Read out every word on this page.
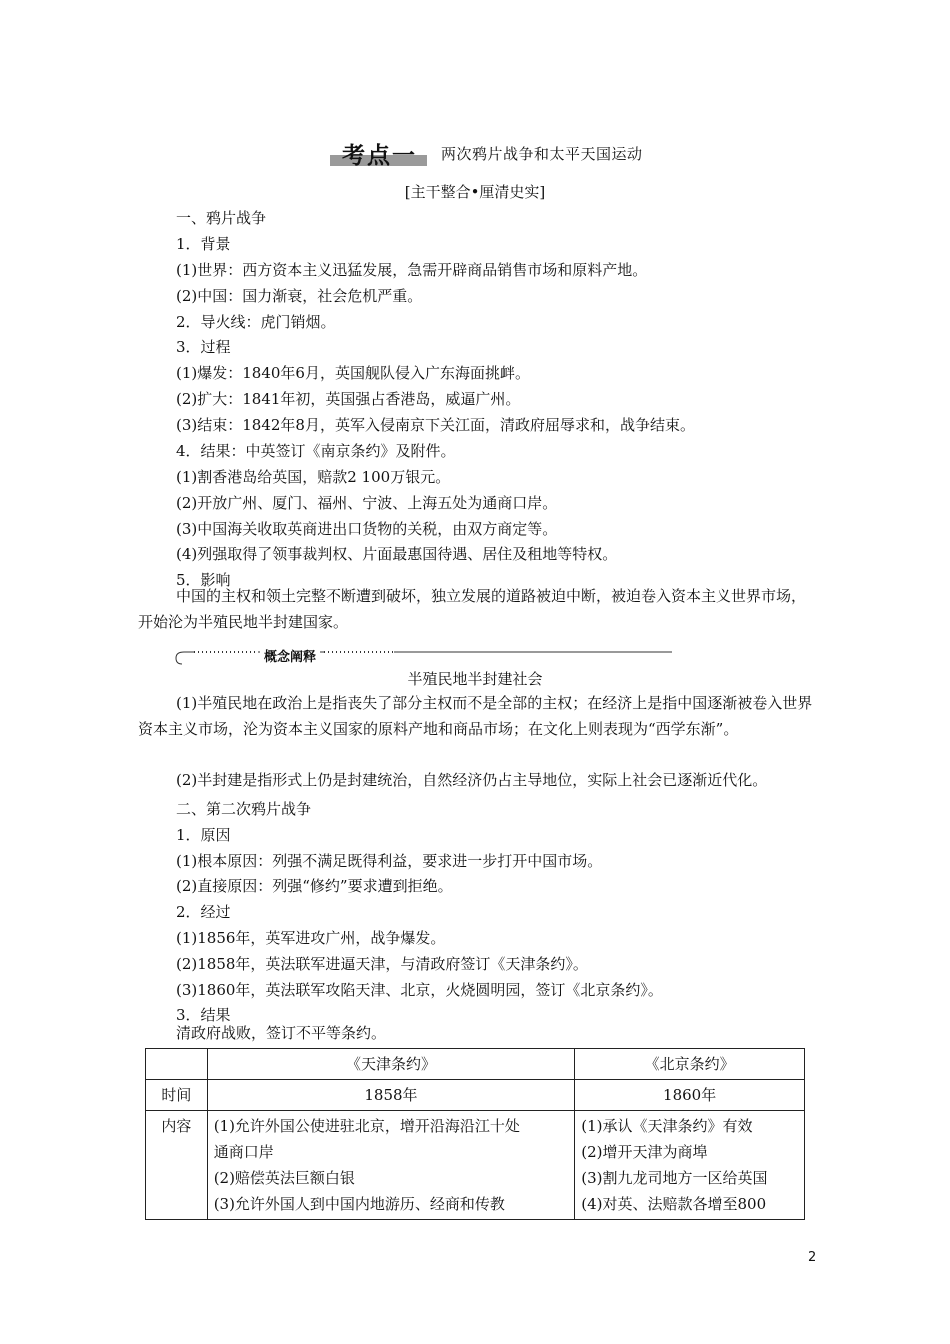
考点一 两次鸦片战争和太平天国运动
[主干整合•厘清史实]
一、鸦片战争
1．背景
(1)世界：西方资本主义迅猛发展，急需开辟商品销售市场和原料产地。
(2)中国：国力渐衰，社会危机严重。
2．导火线：虎门销烟。
3．过程
(1)爆发：1840年6月，英国舰队侵入广东海面挑衅。
(2)扩大：1841年初，英国强占香港岛，威逼广州。
(3)结束：1842年8月，英军入侵南京下关江面，清政府屈辱求和，战争结束。
4．结果：中英签订《南京条约》及附件。
(1)割香港岛给英国，赔款2 100万银元。
(2)开放广州、厦门、福州、宁波、上海五处为通商口岸。
(3)中国海关收取英商进出口货物的关税，由双方商定等。
(4)列强取得了领事裁判权、片面最惠国待遇、居住及租地等特权。
5．影响
中国的主权和领土完整不断遭到破坏，独立发展的道路被迫中断，被迫卷入资本主义世界市场，开始沦为半殖民地半封建国家。
概念阐释
半殖民地半封建社会
(1)半殖民地在政治上是指丧失了部分主权而不是全部的主权；在经济上是指中国逐渐被卷入世界资本主义市场，沦为资本主义国家的原料产地和商品市场；在文化上则表现为“西学东渐”。
(2)半封建是指形式上仍是封建统治，自然经济仍占主导地位，实际上社会已逐渐近代化。
二、第二次鸦片战争
1．原因
(1)根本原因：列强不满足既得利益，要求进一步打开中国市场。
(2)直接原因：列强“修约”要求遭到拒绝。
2．经过
(1)1856年，英军进攻广州，战争爆发。
(2)1858年，英法联军进逼天津，与清政府签订《天津条约》。
(3)1860年，英法联军攻陷天津、北京，火烧圆明园，签订《北京条约》。
3．结果
清政府战败，签订不平等条约。
	《天津条约》	《北京条约》
时间	1858年	1860年
内容	(1)允许外国公使进驻北京，增开沿海沿江十处
通商口岸
(2)赔偿英法巨额白银
(3)允许外国人到中国内地游历、经商和传教	(1)承认《天津条约》有效
(2)增开天津为商埠
(3)割九龙司地方一区给英国
(4)对英、法赔款各增至800
2
